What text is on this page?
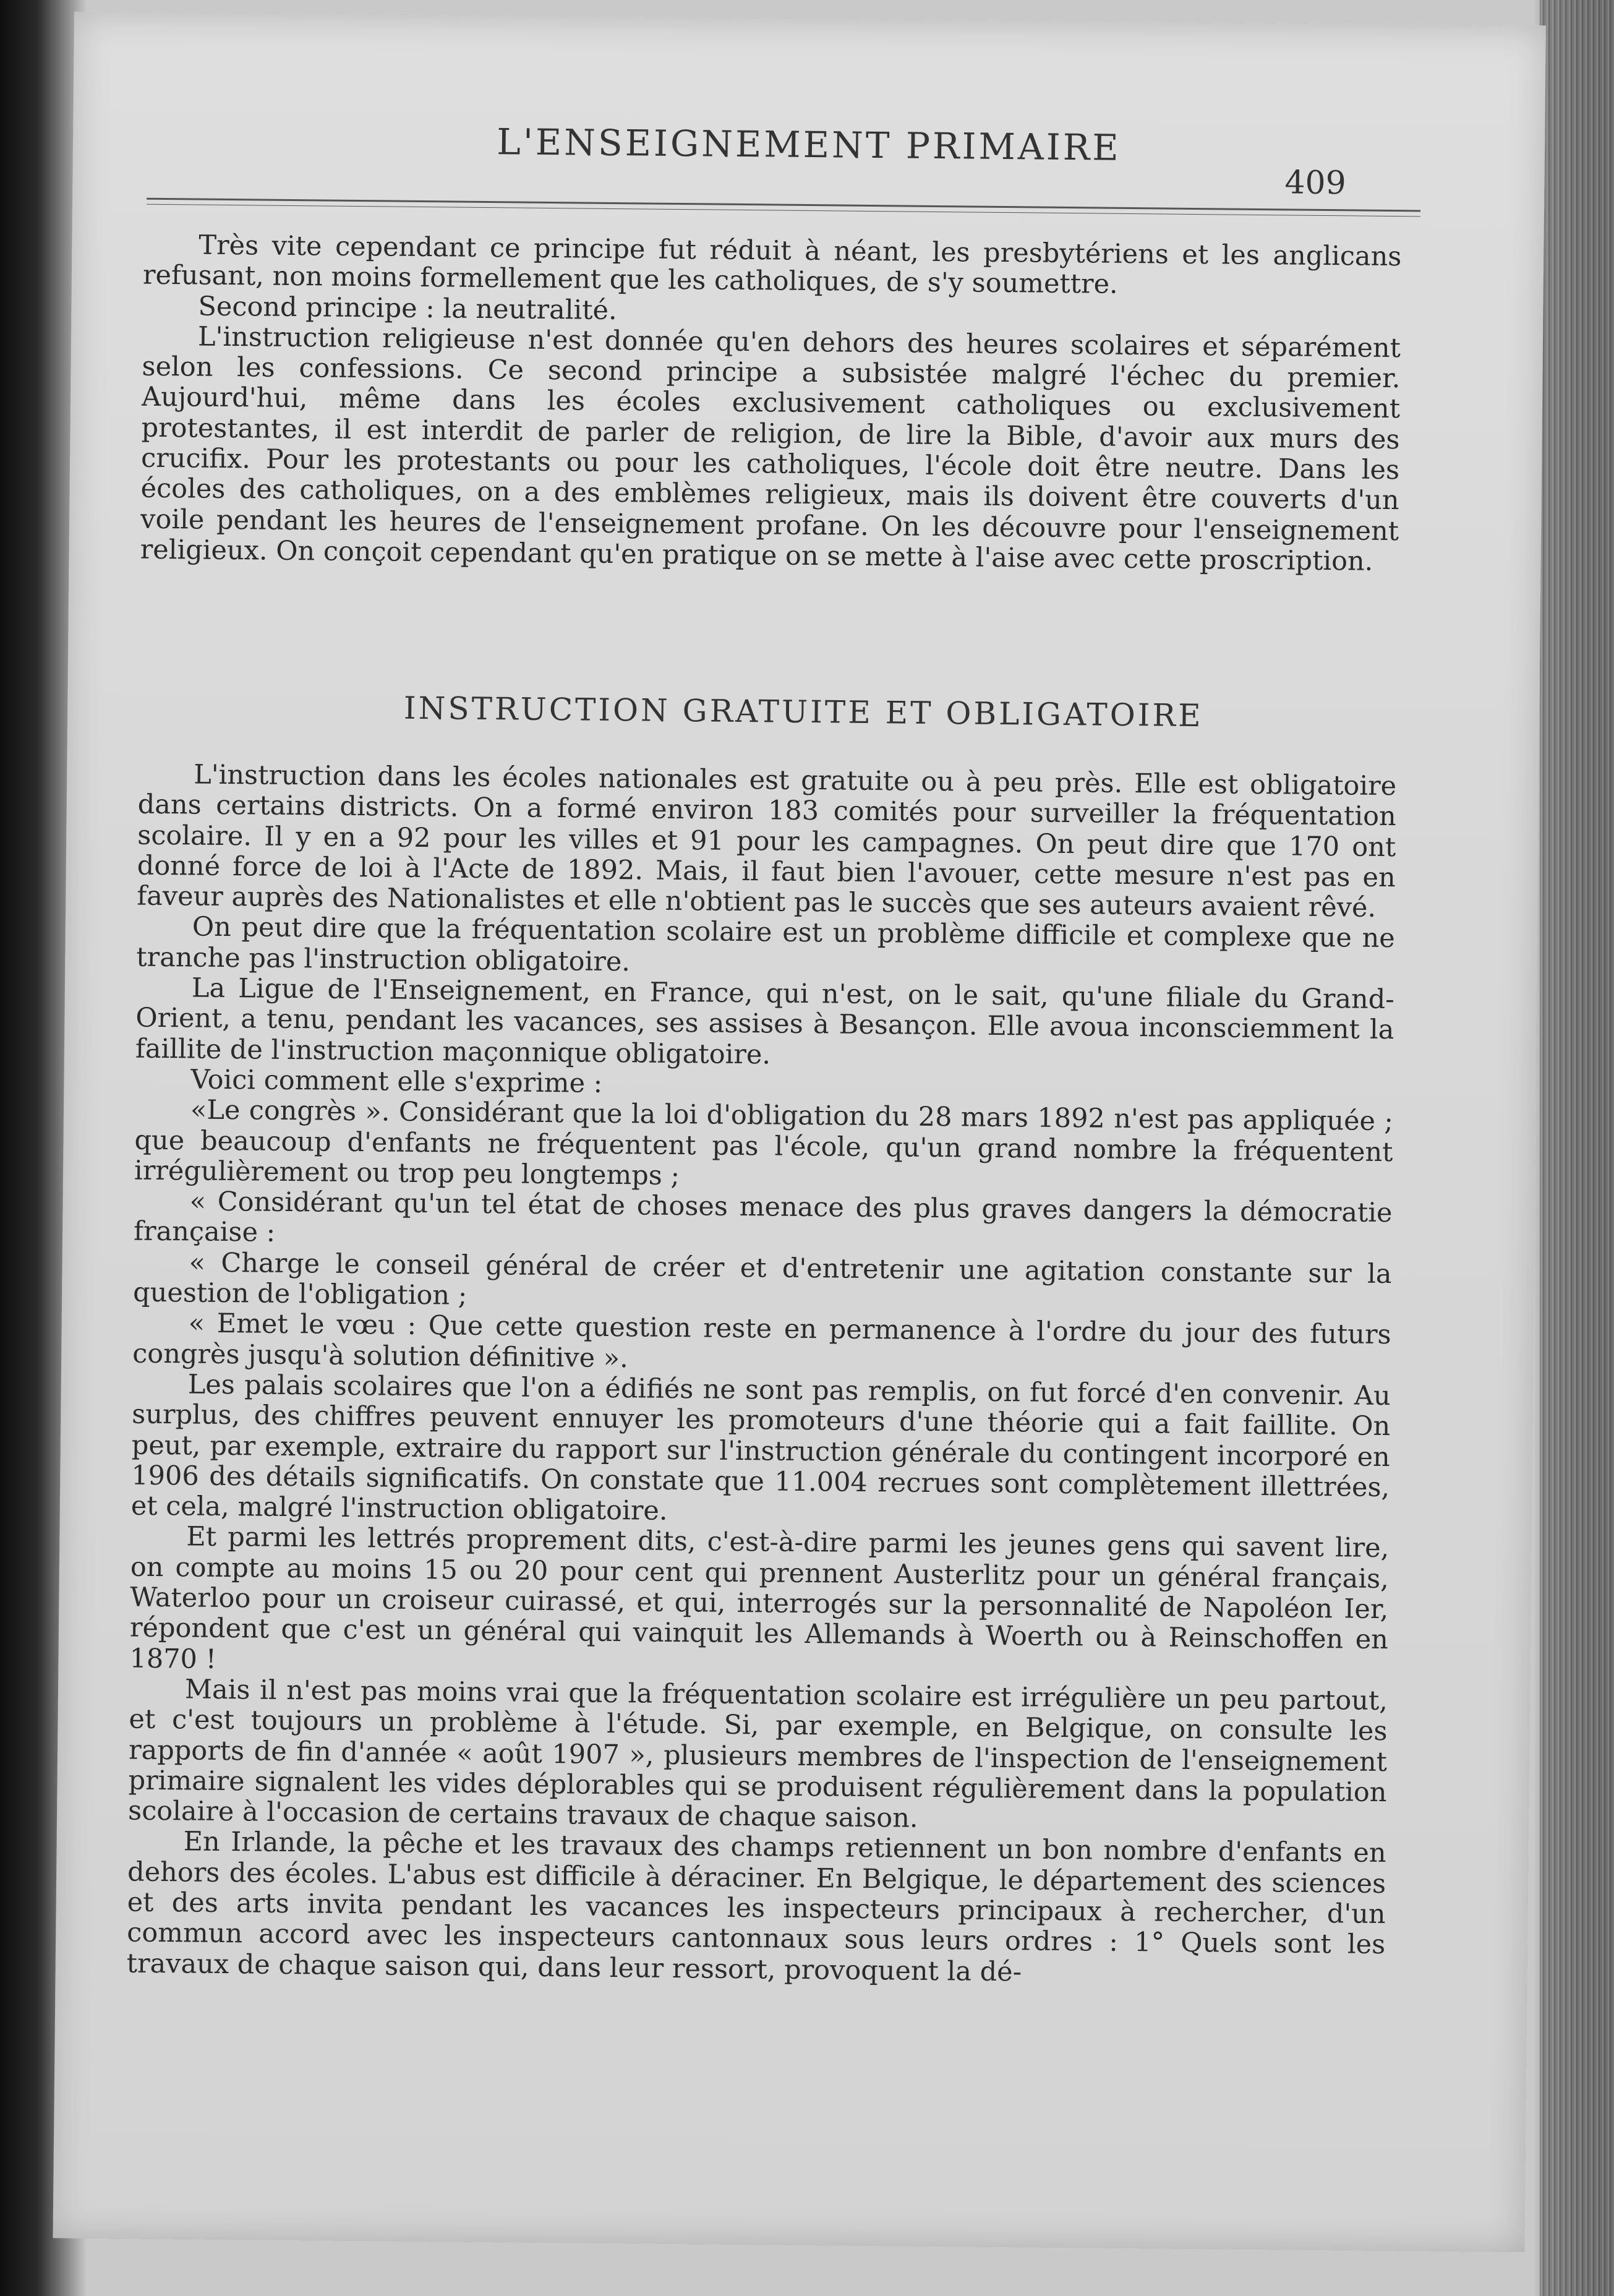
L'ENSEIGNEMENT PRIMAIRE
409

Très vite cependant ce principe fut réduit à néant, les presbytériens et les anglicans refusant, non moins formellement que les catholiques, de s'y soumettre.

Second principe : la neutralité.

L'instruction religieuse n'est donnée qu'en dehors des heures scolaires et séparément selon les confessions. Ce second principe a subsistée malgré l'échec du premier. Aujourd'hui, même dans les écoles exclusivement catholiques ou exclusivement protestantes, il est interdit de parler de religion, de lire la Bible, d'avoir aux murs des crucifix. Pour les protestants ou pour les catholiques, l'école doit être neutre. Dans les écoles des catholiques, on a des emblèmes religieux, mais ils doivent être couverts d'un voile pendant les heures de l'enseignement profane. On les découvre pour l'enseignement religieux. On conçoit cependant qu'en pratique on se mette à l'aise avec cette proscription.

INSTRUCTION GRATUITE ET OBLIGATOIRE

L'instruction dans les écoles nationales est gratuite ou à peu près. Elle est obligatoire dans certains districts. On a formé environ 183 comités pour surveiller la fréquentation scolaire. Il y en a 92 pour les villes et 91 pour les campagnes. On peut dire que 170 ont donné force de loi à l'Acte de 1892. Mais, il faut bien l'avouer, cette mesure n'est pas en faveur auprès des Nationalistes et elle n'obtient pas le succès que ses auteurs avaient rêvé.

On peut dire que la fréquentation scolaire est un problème difficile et complexe que ne tranche pas l'instruction obligatoire.

La Ligue de l'Enseignement, en France, qui n'est, on le sait, qu'une filiale du Grand-Orient, a tenu, pendant les vacances, ses assises à Besançon. Elle avoua inconsciemment la faillite de l'instruction maçonnique obligatoire.

Voici comment elle s'exprime :

«Le congrès ». Considérant que la loi d'obligation du 28 mars 1892 n'est pas appliquée ; que beaucoup d'enfants ne fréquentent pas l'école, qu'un grand nombre la fréquentent irrégulièrement ou trop peu longtemps ;

« Considérant qu'un tel état de choses menace des plus graves dangers la démocratie française :

« Charge le conseil général de créer et d'entretenir une agitation constante sur la question de l'obligation ;

« Emet le vœu : Que cette question reste en permanence à l'ordre du jour des futurs congrès jusqu'à solution définitive ».

Les palais scolaires que l'on a édifiés ne sont pas remplis, on fut forcé d'en convenir. Au surplus, des chiffres peuvent ennuyer les promoteurs d'une théorie qui a fait faillite. On peut, par exemple, extraire du rapport sur l'instruction générale du contingent incorporé en 1906 des détails significatifs. On constate que 11.004 recrues sont complètement illettrées, et cela, malgré l'instruction obligatoire.

Et parmi les lettrés proprement dits, c'est-à-dire parmi les jeunes gens qui savent lire, on compte au moins 15 ou 20 pour cent qui prennent Austerlitz pour un général français, Waterloo pour un croiseur cuirassé, et qui, interrogés sur la personnalité de Napoléon Ier, répondent que c'est un général qui vainquit les Allemands à Woerth ou à Reinschoffen en 1870 !

Mais il n'est pas moins vrai que la fréquentation scolaire est irrégulière un peu partout, et c'est toujours un problème à l'étude. Si, par exemple, en Belgique, on consulte les rapports de fin d'année « août 1907 », plusieurs membres de l'inspection de l'enseignement primaire signalent les vides déplorables qui se produisent régulièrement dans la population scolaire à l'occasion de certains travaux de chaque saison.

En Irlande, la pêche et les travaux des champs retiennent un bon nombre d'enfants en dehors des écoles. L'abus est difficile à déraciner. En Belgique, le département des sciences et des arts invita pendant les vacances les inspecteurs principaux à rechercher, d'un commun accord avec les inspecteurs cantonnaux sous leurs ordres : 1° Quels sont les travaux de chaque saison qui, dans leur ressort, provoquent la dé-
